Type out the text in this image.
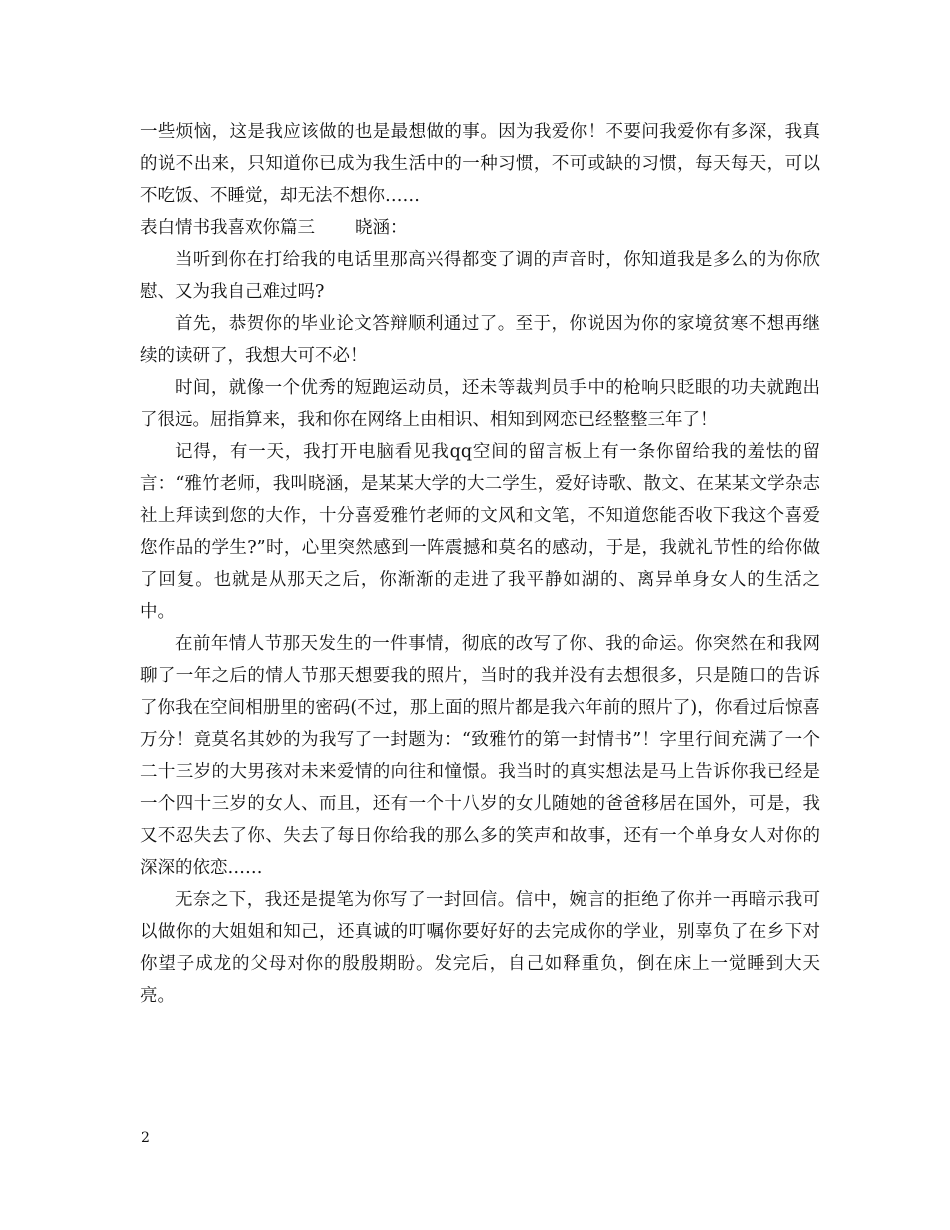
一些烦恼，这是我应该做的也是最想做的事。因为我爱你！不要问我爱你有多深，我真的说不出来，只知道你已成为我生活中的一种习惯，不可或缺的习惯，每天每天，可以不吃饭、不睡觉，却无法不想你……

表白情书我喜欢你篇三 晓涵：

当听到你在打给我的电话里那高兴得都变了调的声音时，你知道我是多么的为你欣慰、又为我自己难过吗?

首先，恭贺你的毕业论文答辩顺利通过了。至于，你说因为你的家境贫寒不想再继续的读研了，我想大可不必！

时间，就像一个优秀的短跑运动员，还未等裁判员手中的枪响只眨眼的功夫就跑出了很远。屈指算来，我和你在网络上由相识、相知到网恋已经整整三年了！

记得，有一天，我打开电脑看见我qq空间的留言板上有一条你留给我的羞怯的留言：“雅竹老师，我叫晓涵，是某某大学的大二学生，爱好诗歌、散文、在某某文学杂志社上拜读到您的大作，十分喜爱雅竹老师的文风和文笔，不知道您能否收下我这个喜爱您作品的学生?”时，心里突然感到一阵震撼和莫名的感动，于是，我就礼节性的给你做了回复。也就是从那天之后，你渐渐的走进了我平静如湖的、离异单身女人的生活之中。

在前年情人节那天发生的一件事情，彻底的改写了你、我的命运。你突然在和我网聊了一年之后的情人节那天想要我的照片，当时的我并没有去想很多，只是随口的告诉了你我在空间相册里的密码(不过，那上面的照片都是我六年前的照片了)，你看过后惊喜万分！竟莫名其妙的为我写了一封题为：“致雅竹的第一封情书”！字里行间充满了一个二十三岁的大男孩对未来爱情的向往和憧憬。我当时的真实想法是马上告诉你我已经是一个四十三岁的女人、而且，还有一个十八岁的女儿随她的爸爸移居在国外，可是，我又不忍失去了你、失去了每日你给我的那么多的笑声和故事，还有一个单身女人对你的深深的依恋……

无奈之下，我还是提笔为你写了一封回信。信中，婉言的拒绝了你并一再暗示我可以做你的大姐姐和知己，还真诚的叮嘱你要好好的去完成你的学业，别辜负了在乡下对你望子成龙的父母对你的殷殷期盼。发完后，自己如释重负，倒在床上一觉睡到大天亮。

2
